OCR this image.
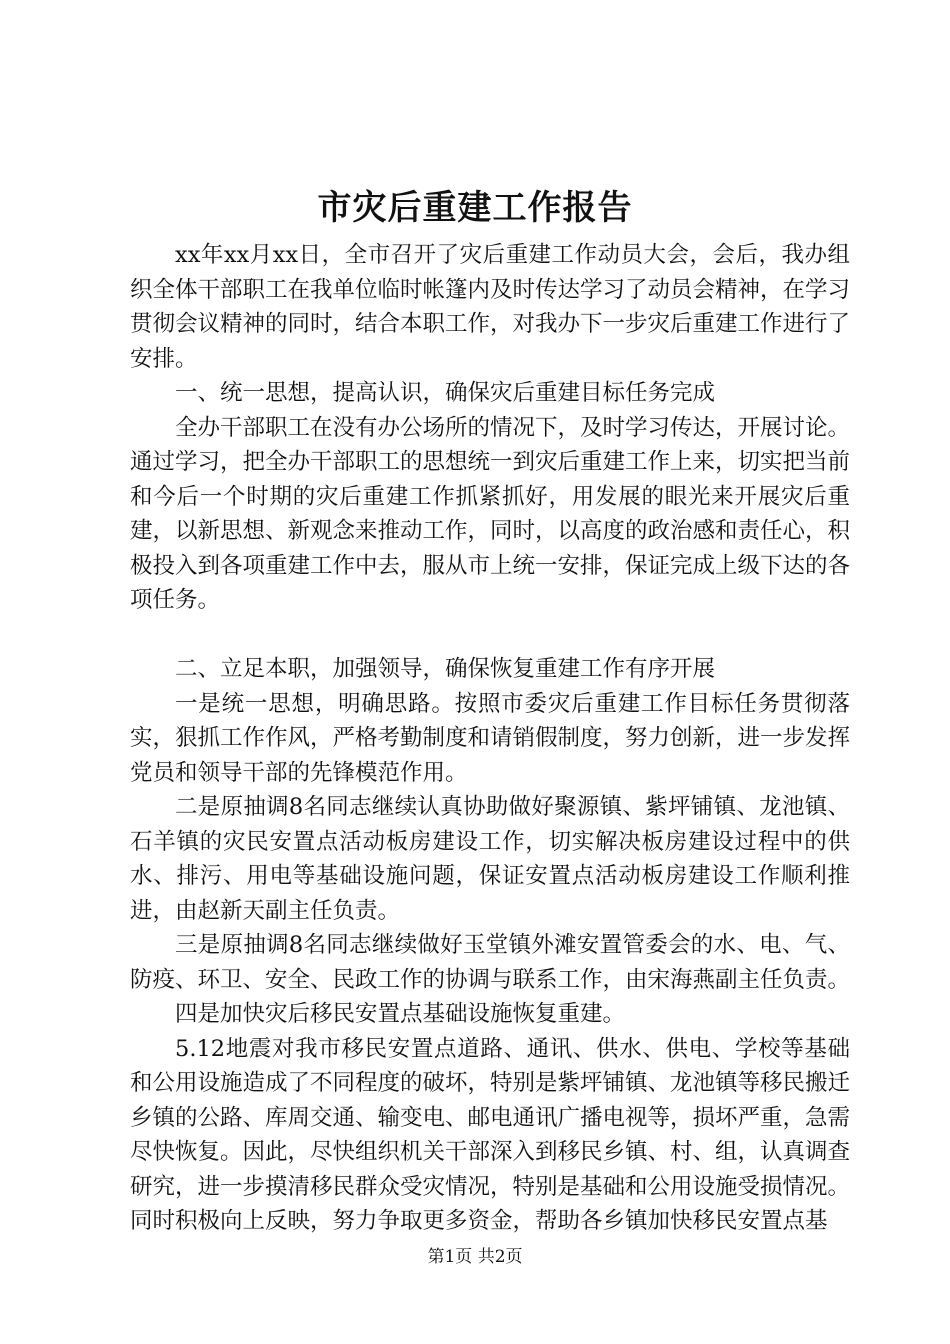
市灾后重建工作报告

xx年xx月xx日，全市召开了灾后重建工作动员大会，会后，我办组织全体干部职工在我单位临时帐篷内及时传达学习了动员会精神，在学习贯彻会议精神的同时，结合本职工作，对我办下一步灾后重建工作进行了安排。

一、统一思想，提高认识，确保灾后重建目标任务完成

全办干部职工在没有办公场所的情况下，及时学习传达，开展讨论。通过学习，把全办干部职工的思想统一到灾后重建工作上来，切实把当前和今后一个时期的灾后重建工作抓紧抓好，用发展的眼光来开展灾后重建，以新思想、新观念来推动工作，同时，以高度的政治感和责任心，积极投入到各项重建工作中去，服从市上统一安排，保证完成上级下达的各项任务。

二、立足本职，加强领导，确保恢复重建工作有序开展

一是统一思想，明确思路。按照市委灾后重建工作目标任务贯彻落实，狠抓工作作风，严格考勤制度和请销假制度，努力创新，进一步发挥党员和领导干部的先锋模范作用。

二是原抽调8名同志继续认真协助做好聚源镇、紫坪铺镇、龙池镇、石羊镇的灾民安置点活动板房建设工作，切实解决板房建设过程中的供水、排污、用电等基础设施问题，保证安置点活动板房建设工作顺利推进，由赵新天副主任负责。

三是原抽调8名同志继续做好玉堂镇外滩安置管委会的水、电、气、防疫、环卫、安全、民政工作的协调与联系工作，由宋海燕副主任负责。

四是加快灾后移民安置点基础设施恢复重建。

5.12地震对我市移民安置点道路、通讯、供水、供电、学校等基础和公用设施造成了不同程度的破坏，特别是紫坪铺镇、龙池镇等移民搬迁乡镇的公路、库周交通、输变电、邮电通讯广播电视等，损坏严重，急需尽快恢复。因此，尽快组织机关干部深入到移民乡镇、村、组，认真调查研究，进一步摸清移民群众受灾情况，特别是基础和公用设施受损情况。同时积极向上反映，努力争取更多资金，帮助各乡镇加快移民安置点基

第1页 共2页
